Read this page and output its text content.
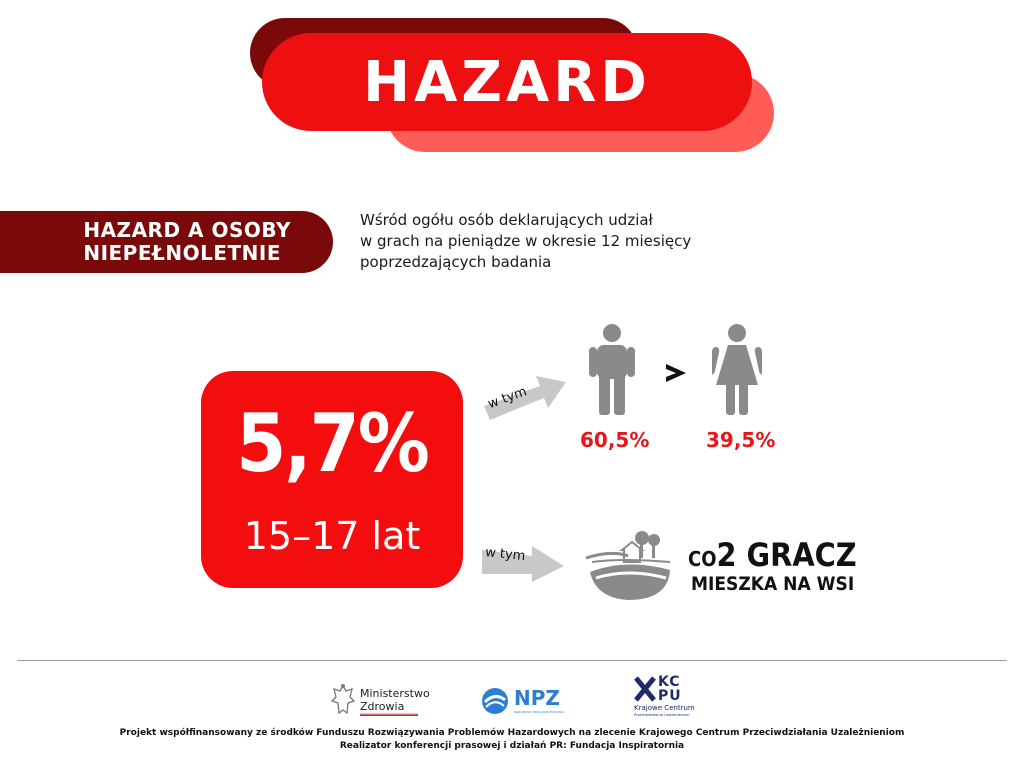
HAZARD
HAZARD A OSOBY
NIEPEŁNOLETNIE
Wśród ogółu osób deklarujących udział
w grach na pieniądze w okresie 12 miesięcy
poprzedzających badania
5,7%
15–17 lat
w tym
w tym
60,5%	39,5%
CO2 GRACZ
MIESZKA NA WSI
Ministerstwo
Zdrowia	NPZ
NARODOWY PROGRAM ZDROWIA
KC
PU
Krajowe Centrum
Przeciwdziałania Uzależnieniom
Projekt współfinansowany ze środków Funduszu Rozwiązywania Problemów Hazardowych na zlecenie Krajowego Centrum Przeciwdziałania Uzależnieniom
Realizator konferencji prasowej i działań PR: Fundacja Inspiratornia
